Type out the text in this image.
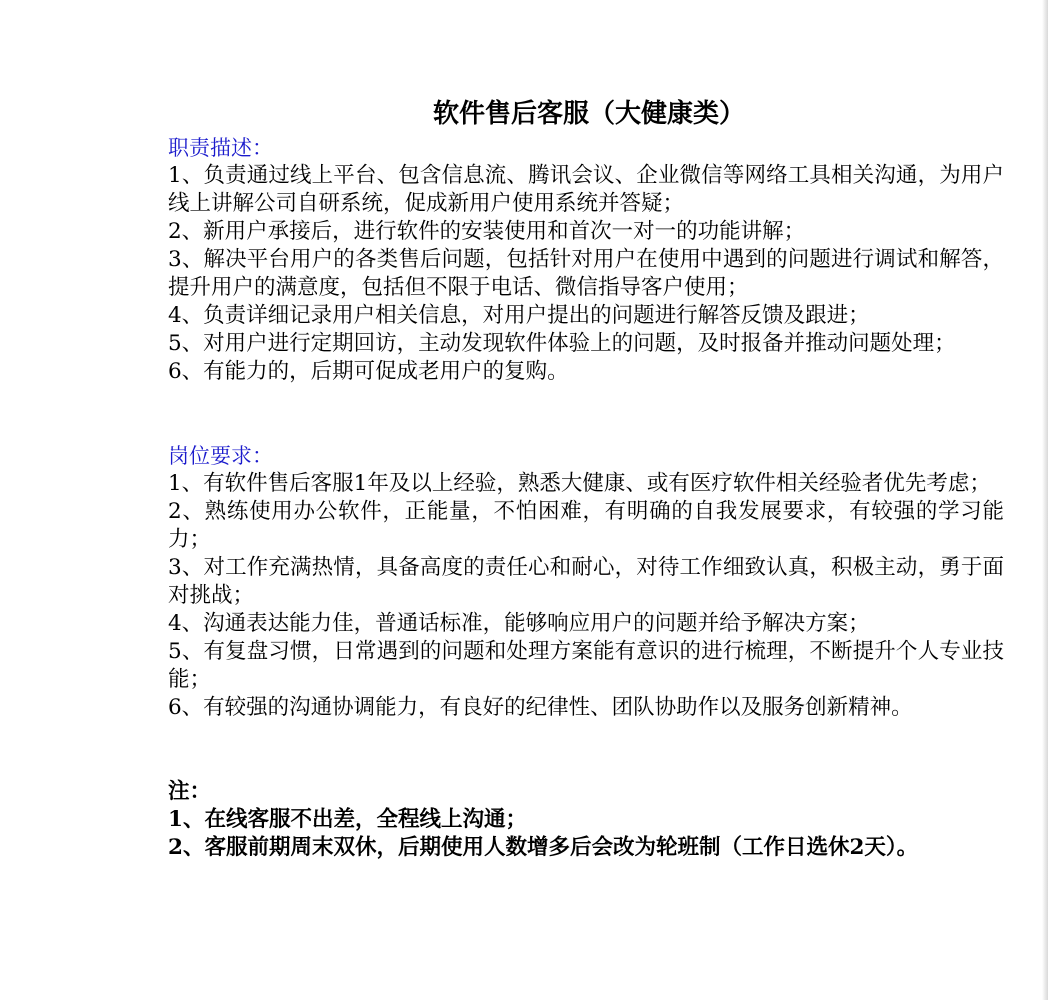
软件售后客服（大健康类）

职责描述：

1、负责通过线上平台、包含信息流、腾讯会议、企业微信等网络工具相关沟通，为用户线上讲解公司自研系统，促成新用户使用系统并答疑；

2、新用户承接后，进行软件的安装使用和首次一对一的功能讲解；

3、解决平台用户的各类售后问题，包括针对用户在使用中遇到的问题进行调试和解答，提升用户的满意度，包括但不限于电话、微信指导客户使用；

4、负责详细记录用户相关信息，对用户提出的问题进行解答反馈及跟进；

5、对用户进行定期回访，主动发现软件体验上的问题，及时报备并推动问题处理；

6、有能力的，后期可促成老用户的复购。

岗位要求：

1、有软件售后客服1年及以上经验，熟悉大健康、或有医疗软件相关经验者优先考虑；

2、熟练使用办公软件，正能量，不怕困难，有明确的自我发展要求，有较强的学习能力；

3、对工作充满热情，具备高度的责任心和耐心，对待工作细致认真，积极主动，勇于面对挑战；

4、沟通表达能力佳，普通话标准，能够响应用户的问题并给予解决方案；

5、有复盘习惯，日常遇到的问题和处理方案能有意识的进行梳理，不断提升个人专业技能；

6、有较强的沟通协调能力，有良好的纪律性、团队协助作以及服务创新精神。

注：

1、在线客服不出差，全程线上沟通；

2、客服前期周末双休，后期使用人数增多后会改为轮班制（工作日选休2天）。
